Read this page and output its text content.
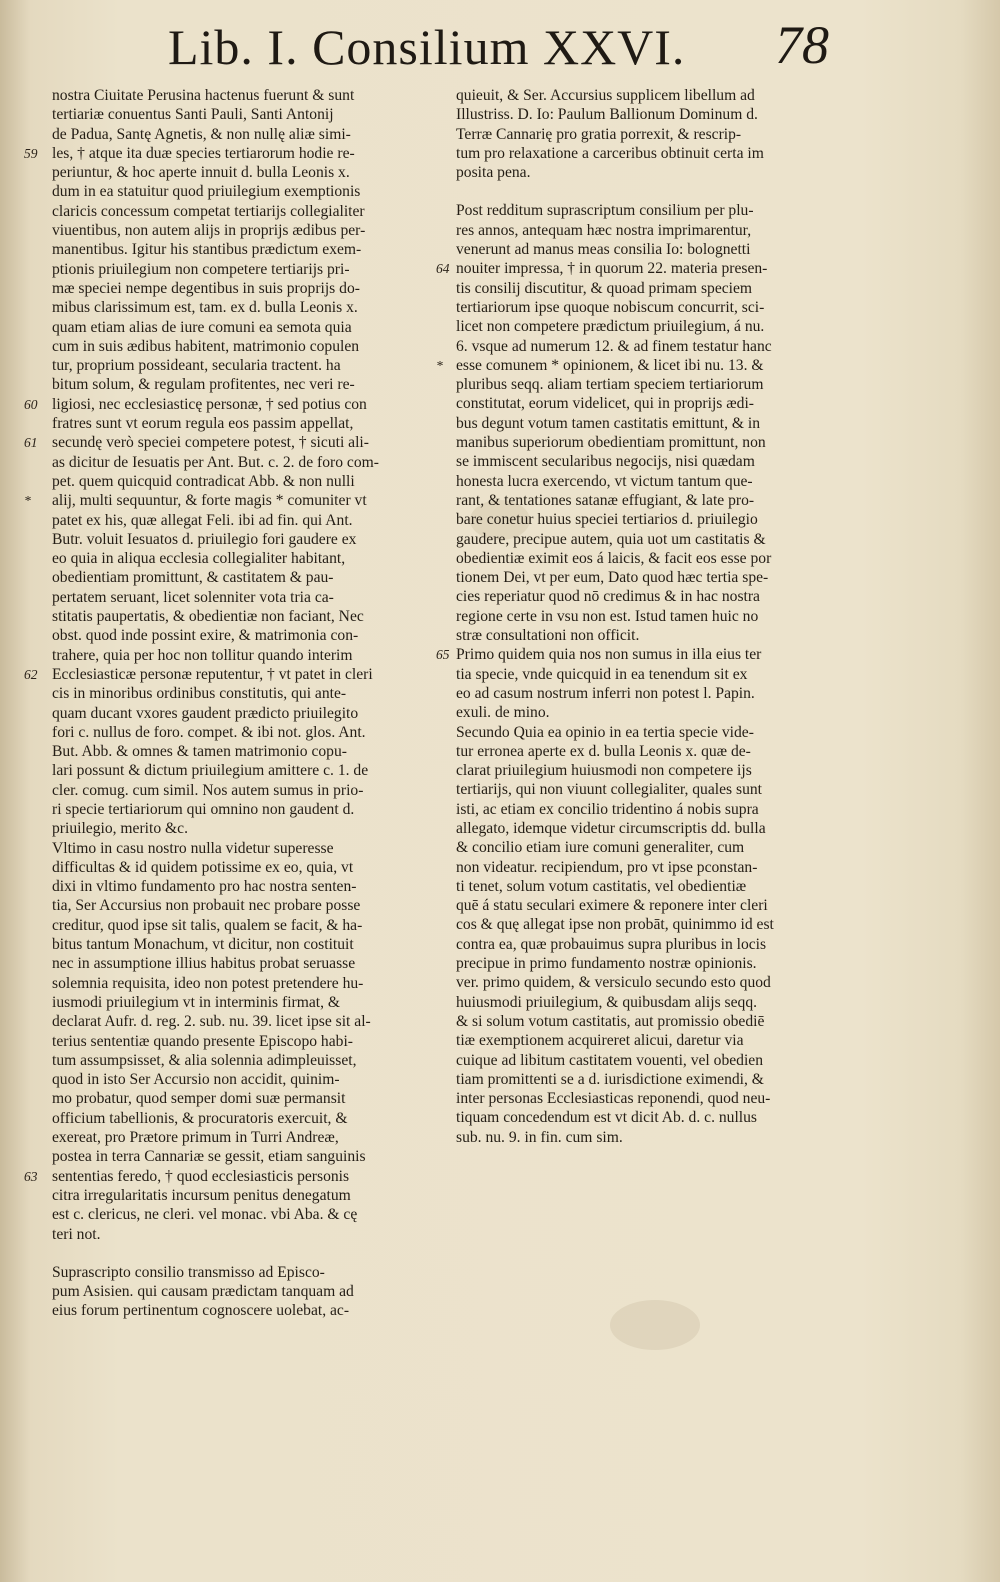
Lib. I. Consilium XXVI. 78
nostra Ciuitate Perusina hactenus fuerunt & sunt
tertiariæ conuentus Santi Pauli, Santi Antonij
de Padua, Santę Agnetis, & non nullę aliæ simi-
les, † atque ita duæ species tertiarorum hodie re-
59
periuntur, & hoc aperte innuit d. bulla Leonis x.
dum in ea statuitur quod priuilegium exemptionis
claricis concessum competat tertiarijs collegialiter
viuentibus, non autem alijs in proprijs ædibus per-
manentibus. Igitur his stantibus prædictum exem-
ptionis priuilegium non competere tertiarijs pri-
mæ speciei nempe degentibus in suis proprijs do-
mibus clarissimum est, tam. ex d. bulla Leonis x.
quam etiam alias de iure comuni ea semota quia
cum in suis ædibus habitent, matrimonio copulen
tur, proprium possideant, secularia tractent. ha
bitum solum, & regulam profitentes, nec veri re-
ligiosi, nec ecclesiasticę personæ, † sed potius con
60
fratres sunt vt eorum regula eos passim appellat,
secundę verò speciei competere potest, † sicuti ali-
61
as dicitur de Iesuatis per Ant. But. c. 2. de foro com-
pet. quem quicquid contradicat Abb. & non nulli
alij, multi sequuntur, & forte magis * comuniter vt
*
patet ex his, quæ allegat Feli. ibi ad fin. qui Ant.
Butr. voluit Iesuatos d. priuilegio fori gaudere ex
eo quia in aliqua ecclesia collegialiter habitant,
obedientiam promittunt, & castitatem & pau-
pertatem seruant, licet solenniter vota tria ca-
stitatis paupertatis, & obedientiæ non faciant, Nec
obst. quod inde possint exire, & matrimonia con-
trahere, quia per hoc non tollitur quando interim
Ecclesiasticæ personæ reputentur, † vt patet in cleri
62
cis in minoribus ordinibus constitutis, qui ante-
quam ducant vxores gaudent prædicto priuilegito
fori c. nullus de foro. compet. & ibi not. glos. Ant.
But. Abb. & omnes & tamen matrimonio copu-
lari possunt & dictum priuilegium amittere c. 1. de
cler. comug. cum simil. Nos autem sumus in prio-
ri specie tertiariorum qui omnino non gaudent d.
priuilegio, merito &c.
Vltimo in casu nostro nulla videtur superesse
difficultas & id quidem potissime ex eo, quia, vt
dixi in vltimo fundamento pro hac nostra senten-
tia, Ser Accursius non probauit nec probare posse
creditur, quod ipse sit talis, qualem se facit, & ha-
bitus tantum Monachum, vt dicitur, non costituit
nec in assumptione illius habitus probat seruasse
solemnia requisita, ideo non potest pretendere hu-
iusmodi priuilegium vt in interminis firmat, &
declarat Aufr. d. reg. 2. sub. nu. 39. licet ipse sit al-
terius sententiæ quando presente Episcopo habi-
tum assumpsisset, & alia solennia adimpleuisset,
quod in isto Ser Accursio non accidit, quinim-
mo probatur, quod semper domi suæ permansit
officium tabellionis, & procuratoris exercuit, &
exereat, pro Prætore primum in Turri Andreæ,
postea in terra Cannariæ se gessit, etiam sanguinis
sententias feredo, † quod ecclesiasticis personis
63
citra irregularitatis incursum penitus denegatum
est c. clericus, ne cleri. vel monac. vbi Aba. & cę
teri not.
Suprascripto consilio transmisso ad Episco-
pum Asisien. qui causam prædictam tanquam ad
eius forum pertinentum cognoscere uolebat, ac-
quieuit, & Ser. Accursius supplicem libellum ad
Illustriss. D. Io: Paulum Ballionum Dominum d.
Terræ Cannarię pro gratia porrexit, & rescrip-
tum pro relaxatione a carceribus obtinuit certa im
posita pena.
Post redditum suprascriptum consilium per plu-
res annos, antequam hæc nostra imprimarentur,
venerunt ad manus meas consilia Io: bolognetti
nouiter impressa, † in quorum 22. materia presen-
64
tis consilij discutitur, & quoad primam speciem
tertiariorum ipse quoque nobiscum concurrit, sci-
licet non competere prædictum priuilegium, á nu.
6. vsque ad numerum 12. & ad finem testatur hanc
esse comunem * opinionem, & licet ibi nu. 13. &
*
pluribus seqq. aliam tertiam speciem tertiariorum
constitutat, eorum videlicet, qui in proprijs ædi-
bus degunt votum tamen castitatis emittunt, & in
manibus superiorum obedientiam promittunt, non
se immiscent secularibus negocijs, nisi quædam
honesta lucra exercendo, vt victum tantum que-
rant, & tentationes satanæ effugiant, & late pro-
bare conetur huius speciei tertiarios d. priuilegio
gaudere, precipue autem, quia uot um castitatis &
obedientiæ eximit eos á laicis, & facit eos esse por
tionem Dei, vt per eum, Dato quod hæc tertia spe-
cies reperiatur quod nō credimus & in hac nostra
regione certe in vsu non est. Istud tamen huic no
stræ consultationi non officit.
Primo quidem quia nos non sumus in illa eius ter
65
tia specie, vnde quicquid in ea tenendum sit ex
eo ad casum nostrum inferri non potest l. Papin.
exuli. de mino.
Secundo Quia ea opinio in ea tertia specie vide-
tur erronea aperte ex d. bulla Leonis x. quæ de-
clarat priuilegium huiusmodi non competere ijs
tertiarijs, qui non viuunt collegialiter, quales sunt
isti, ac etiam ex concilio tridentino á nobis supra
allegato, idemque videtur circumscriptis dd. bulla
& concilio etiam iure comuni generaliter, cum
non videatur. recipiendum, pro vt ipse pconstan-
ti tenet, solum votum castitatis, vel obedientiæ
quē á statu seculari eximere & reponere inter cleri
cos & quę allegat ipse non probāt, quinimmo id est
contra ea, quæ probauimus supra pluribus in locis
precipue in primo fundamento nostræ opinionis.
ver. primo quidem, & versiculo secundo esto quod
huiusmodi priuilegium, & quibusdam alijs seqq.
& si solum votum castitatis, aut promissio obediē
tiæ exemptionem acquireret alicui, daretur via
cuique ad libitum castitatem vouenti, vel obedien
tiam promittenti se a d. iurisdictione eximendi, &
inter personas Ecclesiasticas reponendi, quod neu-
tiquam concedendum est vt dicit Ab. d. c. nullus
sub. nu. 9. in fin. cum sim.
